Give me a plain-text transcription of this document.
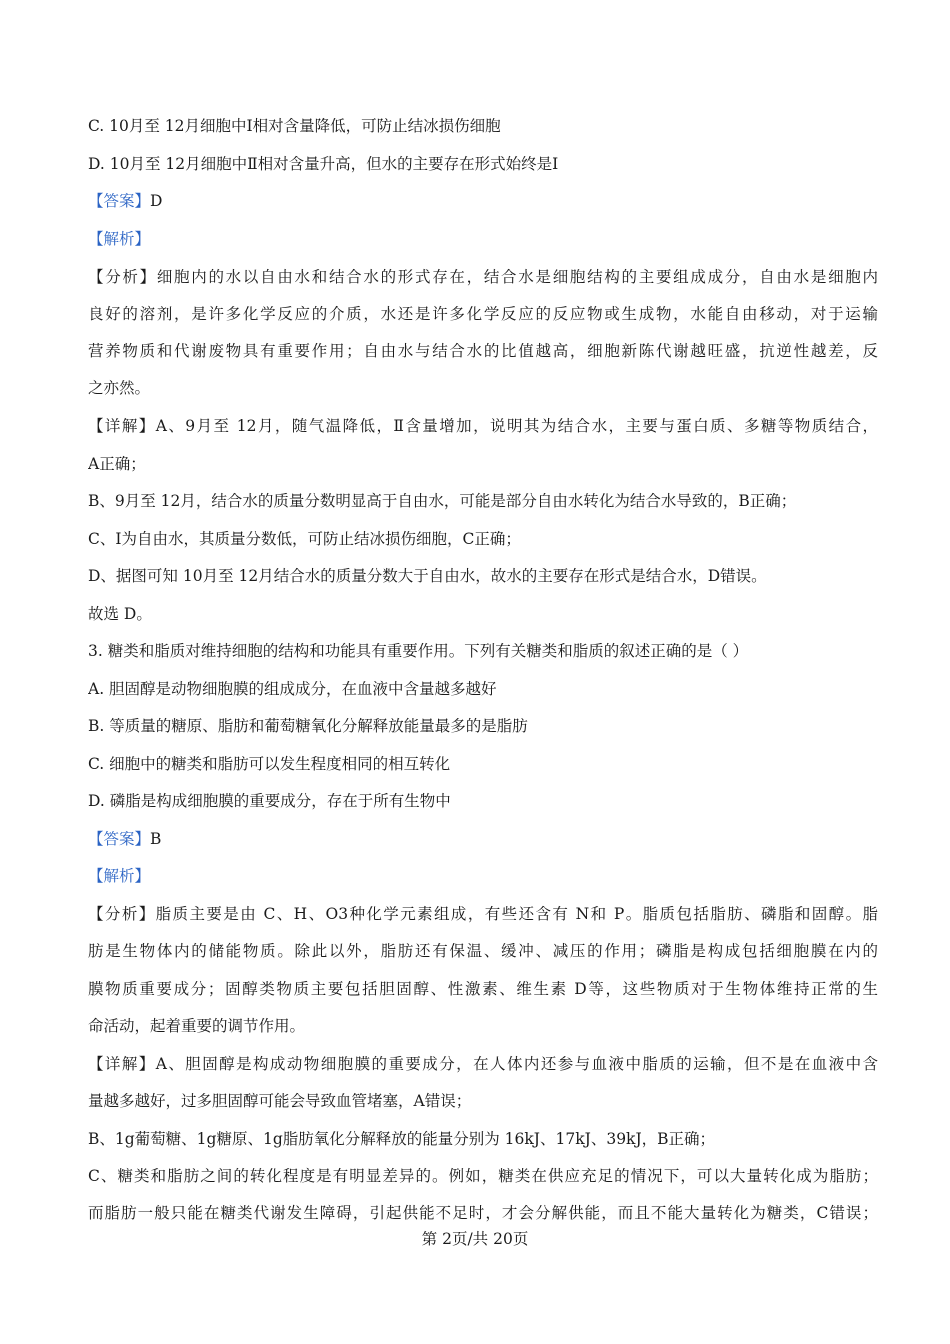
C. 10月至 12月细胞中Ⅰ相对含量降低，可防止结冰损伤细胞
D. 10月至 12月细胞中Ⅱ相对含量升高，但水的主要存在形式始终是Ⅰ
【答案】D
【解析】
【分析】细胞内的水以自由水和结合水的形式存在，结合水是细胞结构的主要组成成分，自由水是细胞内
良好的溶剂，是许多化学反应的介质，水还是许多化学反应的反应物或生成物，水能自由移动，对于运输
营养物质和代谢废物具有重要作用；自由水与结合水的比值越高，细胞新陈代谢越旺盛，抗逆性越差，反
之亦然。
【详解】A、9月至 12月，随气温降低，Ⅱ含量增加，说明其为结合水，主要与蛋白质、多糖等物质结合，
A正确；
B、9月至 12月，结合水的质量分数明显高于自由水，可能是部分自由水转化为结合水导致的，B正确；
C、Ⅰ为自由水，其质量分数低，可防止结冰损伤细胞，C正确；
D、据图可知 10月至 12月结合水的质量分数大于自由水，故水的主要存在形式是结合水，D错误。
故选 D。
3. 糖类和脂质对维持细胞的结构和功能具有重要作用。下列有关糖类和脂质的叙述正确的是（ ）
A. 胆固醇是动物细胞膜的组成成分，在血液中含量越多越好
B. 等质量的糖原、脂肪和葡萄糖氧化分解释放能量最多的是脂肪
C. 细胞中的糖类和脂肪可以发生程度相同的相互转化
D. 磷脂是构成细胞膜的重要成分，存在于所有生物中
【答案】B
【解析】
【分析】脂质主要是由 C、H、O3种化学元素组成，有些还含有 N和 P。脂质包括脂肪、磷脂和固醇。脂
肪是生物体内的储能物质。除此以外，脂肪还有保温、缓冲、减压的作用；磷脂是构成包括细胞膜在内的
膜物质重要成分；固醇类物质主要包括胆固醇、性激素、维生素 D等，这些物质对于生物体维持正常的生
命活动，起着重要的调节作用。
【详解】A、胆固醇是构成动物细胞膜的重要成分，在人体内还参与血液中脂质的运输，但不是在血液中含
量越多越好，过多胆固醇可能会导致血管堵塞，A错误；
B、1g葡萄糖、1g糖原、1g脂肪氧化分解释放的能量分别为 16kJ、17kJ、39kJ，B正确；
C、糖类和脂肪之间的转化程度是有明显差异的。例如，糖类在供应充足的情况下，可以大量转化成为脂肪；
而脂肪一般只能在糖类代谢发生障碍，引起供能不足时，才会分解供能，而且不能大量转化为糖类，C错误；
第 2页/共 20页
